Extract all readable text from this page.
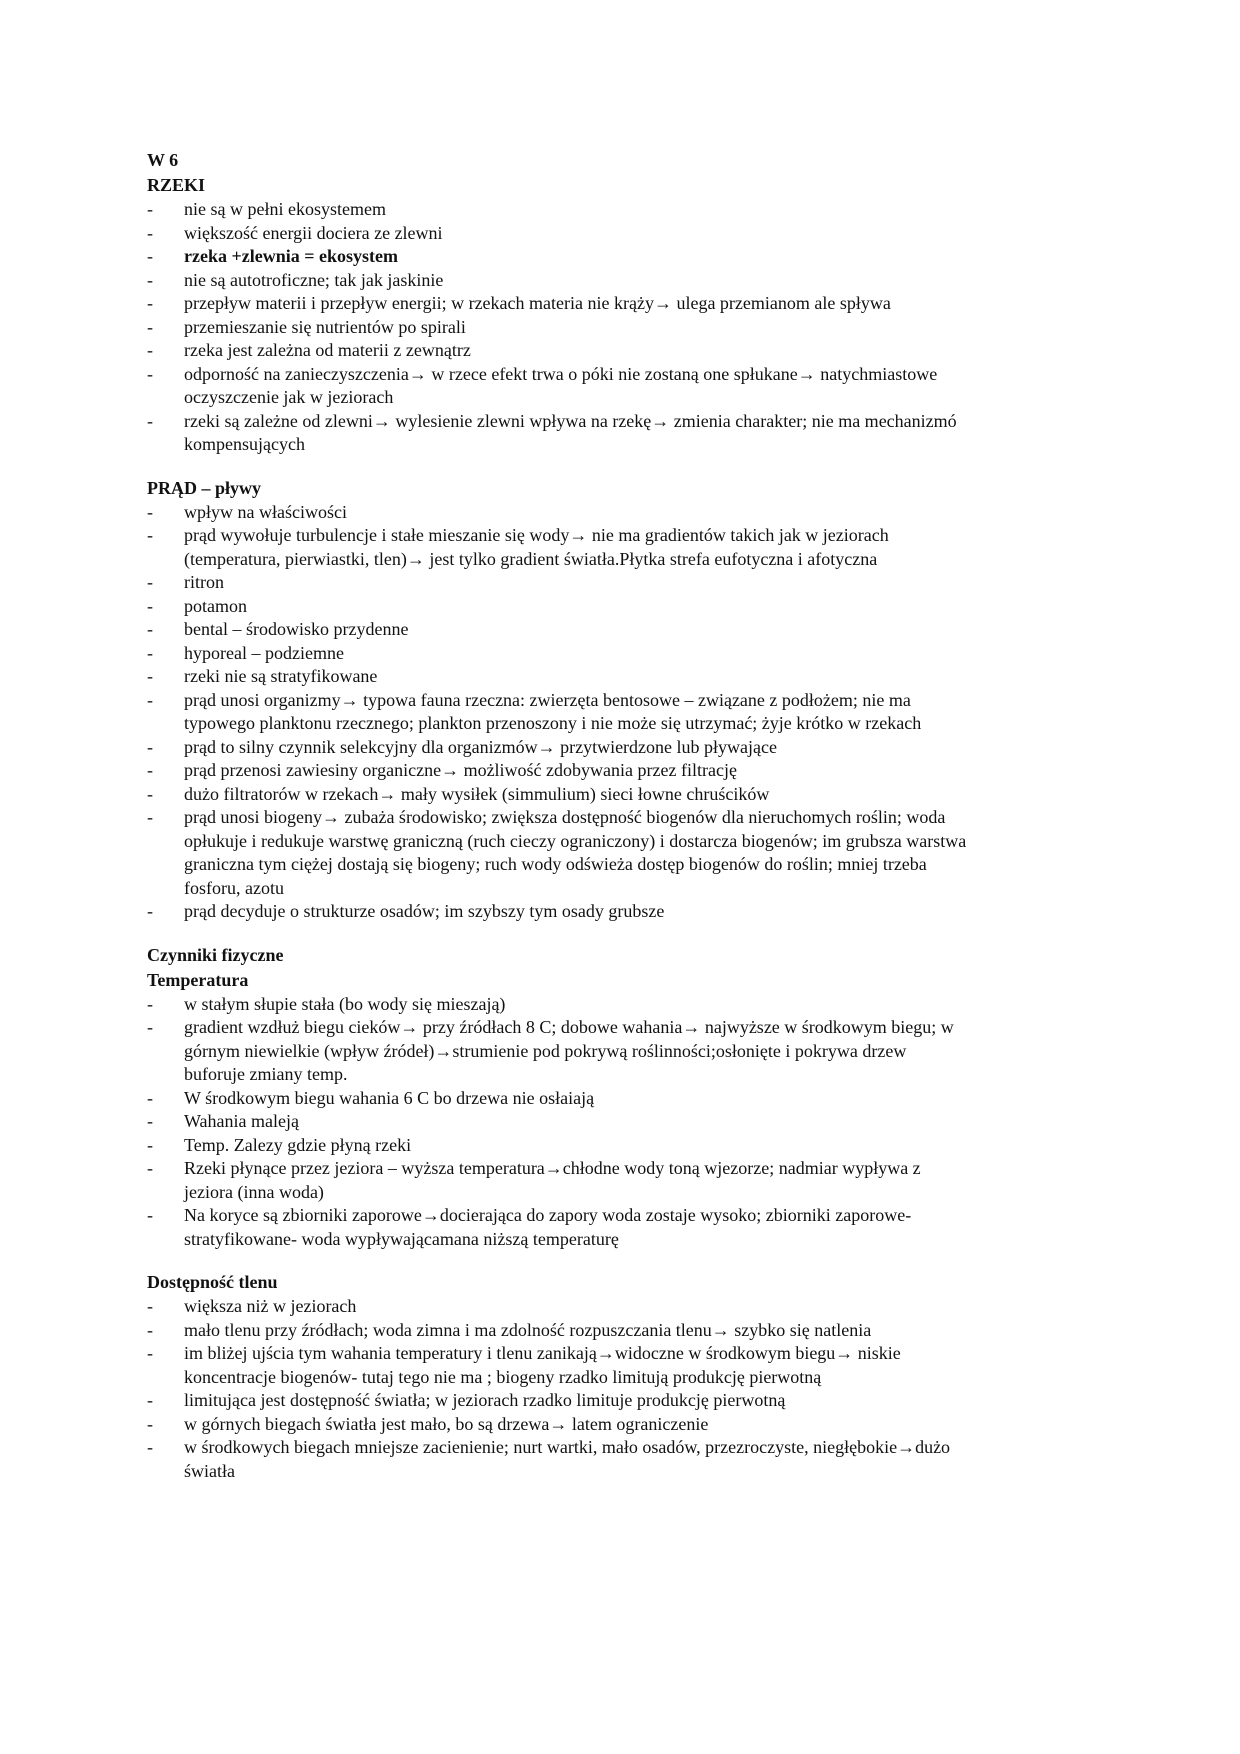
W 6
RZEKI
- nie są w pełni ekosystemem
- większość energii dociera ze zlewni
- rzeka +zlewnia = ekosystem
- nie są autotroficzne; tak jak jaskinie
- przepływ materii i przepływ energii; w rzekach materia nie krąży→ ulega przemianom ale spływa
- przemieszanie się nutrientów po spirali
- rzeka jest zależna od materii z zewnątrz
- odporność na zanieczyszczenia→ w rzece efekt trwa o póki nie zostaną one spłukane→ natychmiastowe
oczyszczenie jak w jeziorach
- rzeki są zależne od zlewni→ wylesienie zlewni wpływa na rzekę→ zmienia charakter; nie ma mechanizmó
kompensujących
PRĄD – pływy
- wpływ na właściwości
- prąd wywołuje turbulencje i stałe mieszanie się wody→ nie ma gradientów takich jak w jeziorach
(temperatura, pierwiastki, tlen)→ jest tylko gradient światła.Płytka strefa eufotyczna i afotyczna
- ritron
- potamon
- bental – środowisko przydenne
- hyporeal – podziemne
- rzeki nie są stratyfikowane
- prąd unosi organizmy→ typowa fauna rzeczna: zwierzęta bentosowe – związane z podłożem; nie ma
typowego planktonu rzecznego; plankton przenoszony i nie może się utrzymać; żyje krótko w rzekach
- prąd to silny czynnik selekcyjny dla organizmów→ przytwierdzone lub pływające
- prąd przenosi zawiesiny organiczne→ możliwość zdobywania przez filtrację
- dużo filtratorów w rzekach→ mały wysiłek (simmulium) sieci łowne chruścików
- prąd unosi biogeny→ zubaża środowisko; zwiększa dostępność biogenów dla nieruchomych roślin; woda
opłukuje i redukuje warstwę graniczną (ruch cieczy ograniczony) i dostarcza biogenów; im grubsza warstwa
graniczna tym ciężej dostają się biogeny; ruch wody odświeża dostęp biogenów do roślin; mniej trzeba
fosforu, azotu
- prąd decyduje o strukturze osadów; im szybszy tym osady grubsze
Czynniki fizyczne
Temperatura
- w stałym słupie stała (bo wody się mieszają)
- gradient wzdłuż biegu cieków→ przy źródłach 8 C; dobowe wahania→ najwyższe w środkowym biegu; w
górnym niewielkie (wpływ źródeł)→strumienie pod pokrywą roślinności;osłonięte i pokrywa drzew
buforuje zmiany temp.
- W środkowym biegu wahania 6 C bo drzewa nie osłaiają
- Wahania maleją
- Temp. Zalezy gdzie płyną rzeki
- Rzeki płynące przez jeziora – wyższa temperatura→chłodne wody toną wjezorze; nadmiar wypływa z
jeziora (inna woda)
- Na koryce są zbiorniki zaporowe→docierająca do zapory woda zostaje wysoko; zbiorniki zaporowe-
stratyfikowane- woda wypływającamana niższą temperaturę
Dostępność tlenu
- większa niż w jeziorach
- mało tlenu przy źródłach; woda zimna i ma zdolność rozpuszczania tlenu→ szybko się natlenia
- im bliżej ujścia tym wahania temperatury i tlenu zanikają→widoczne w środkowym biegu→ niskie
koncentracje biogenów- tutaj tego nie ma ; biogeny rzadko limitują produkcję pierwotną
- limitująca jest dostępność światła; w jeziorach rzadko limituje produkcję pierwotną
- w górnych biegach światła jest mało, bo są drzewa→ latem ograniczenie
- w środkowych biegach mniejsze zacienienie; nurt wartki, mało osadów, przezroczyste, niegłębokie→dużo
światła
